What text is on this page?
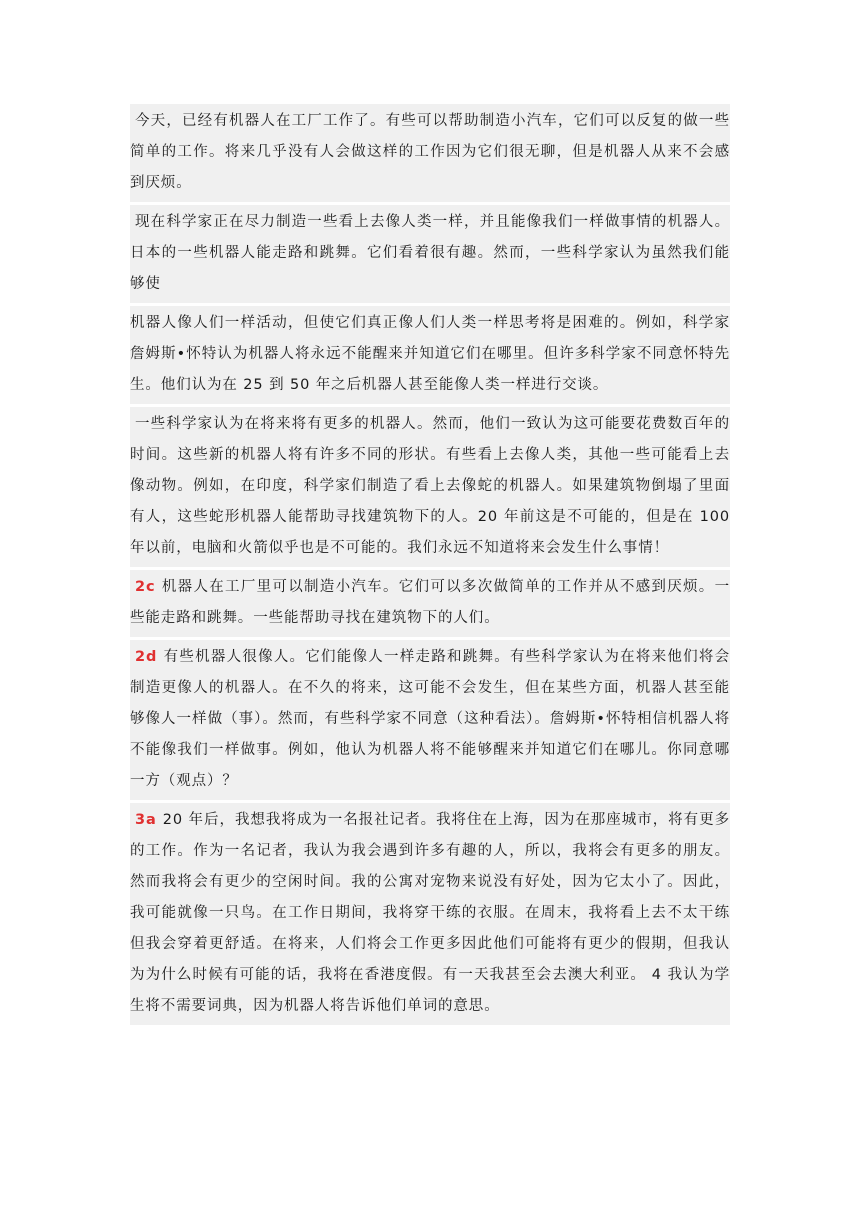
今天，已经有机器人在工厂工作了。有些可以帮助制造小汽车，它们可以反复的做一些简单的工作。将来几乎没有人会做这样的工作因为它们很无聊，但是机器人从来不会感到厌烦。

现在科学家正在尽力制造一些看上去像人类一样，并且能像我们一样做事情的机器人。日本的一些机器人能走路和跳舞。它们看着很有趣。然而，一些科学家认为虽然我们能够使

机器人像人们一样活动，但使它们真正像人们人类一样思考将是困难的。例如，科学家詹姆斯•怀特认为机器人将永远不能醒来并知道它们在哪里。但许多科学家不同意怀特先生。他们认为在 25 到 50 年之后机器人甚至能像人类一样进行交谈。

一些科学家认为在将来将有更多的机器人。然而，他们一致认为这可能要花费数百年的时间。这些新的机器人将有许多不同的形状。有些看上去像人类，其他一些可能看上去像动物。例如，在印度，科学家们制造了看上去像蛇的机器人。如果建筑物倒塌了里面有人，这些蛇形机器人能帮助寻找建筑物下的人。20 年前这是不可能的，但是在 100 年以前，电脑和火箭似乎也是不可能的。我们永远不知道将来会发生什么事情！

2c 机器人在工厂里可以制造小汽车。它们可以多次做简单的工作并从不感到厌烦。一些能走路和跳舞。一些能帮助寻找在建筑物下的人们。

2d 有些机器人很像人。它们能像人一样走路和跳舞。有些科学家认为在将来他们将会制造更像人的机器人。在不久的将来，这可能不会发生，但在某些方面，机器人甚至能够像人一样做（事）。然而，有些科学家不同意（这种看法）。詹姆斯•怀特相信机器人将不能像我们一样做事。例如，他认为机器人将不能够醒来并知道它们在哪儿。你同意哪一方（观点）？

3a 20 年后，我想我将成为一名报社记者。我将住在上海，因为在那座城市，将有更多的工作。作为一名记者，我认为我会遇到许多有趣的人，所以，我将会有更多的朋友。然而我将会有更少的空闲时间。我的公寓对宠物来说没有好处，因为它太小了。因此，我可能就像一只鸟。在工作日期间，我将穿干练的衣服。在周末，我将看上去不太干练但我会穿着更舒适。在将来，人们将会工作更多因此他们可能将有更少的假期，但我认为为什么时候有可能的话，我将在香港度假。有一天我甚至会去澳大利亚。 4 我认为学生将不需要词典，因为机器人将告诉他们单词的意思。
